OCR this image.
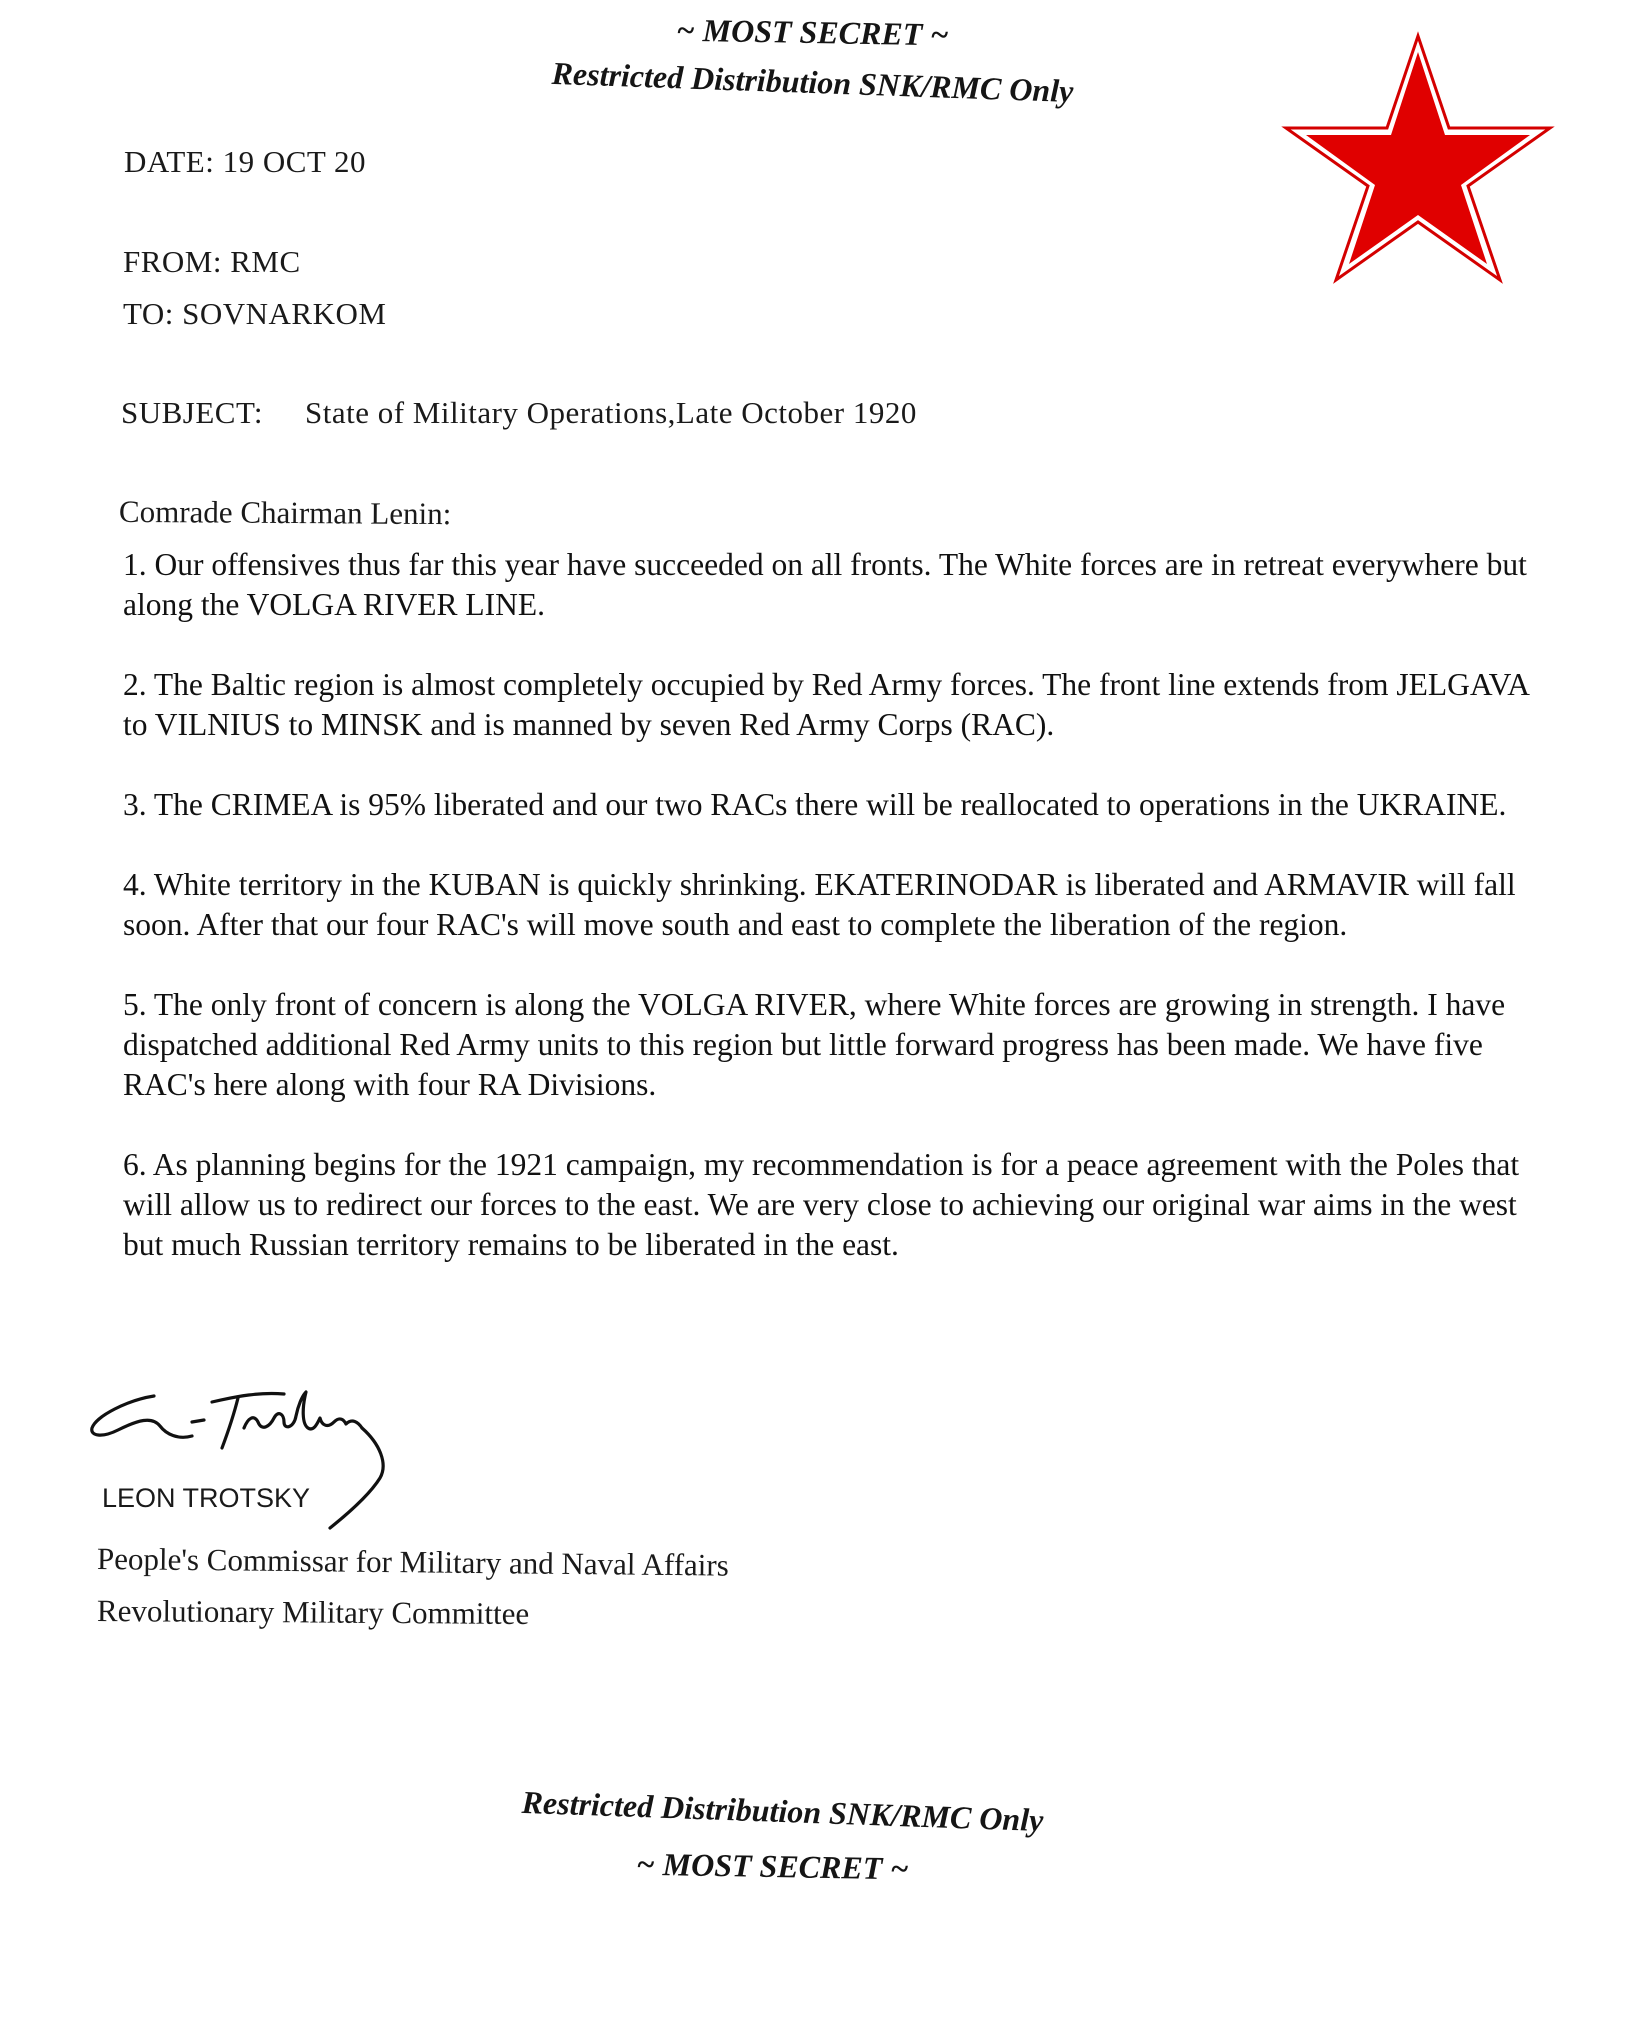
~ MOST SECRET ~
Restricted Distribution SNK/RMC Only
DATE: 19 OCT 20
FROM: RMC
TO: SOVNARKOM
SUBJECT: State of Military Operations,Late October 1920
Comrade Chairman Lenin:

1. Our offensives thus far this year have succeeded on all fronts. The White forces are in retreat everywhere but along the VOLGA RIVER LINE.

2. The Baltic region is almost completely occupied by Red Army forces. The front line extends from JELGAVA to VILNIUS to MINSK and is manned by seven Red Army Corps (RAC).

3. The CRIMEA is 95% liberated and our two RACs there will be reallocated to operations in the UKRAINE.

4. White territory in the KUBAN is quickly shrinking. EKATERINODAR is liberated and ARMAVIR will fall soon. After that our four RAC's will move south and east to complete the liberation of the region.

5. The only front of concern is along the VOLGA RIVER, where White forces are growing in strength. I have dispatched additional Red Army units to this region but little forward progress has been made. We have five RAC's here along with four RA Divisions.

6. As planning begins for the 1921 campaign, my recommendation is for a peace agreement with the Poles that will allow us to redirect our forces to the east. We are very close to achieving our original war aims in the west but much Russian territory remains to be liberated in the east.

LEON TROTSKY
People's Commissar for Military and Naval Affairs
Revolutionary Military Committee
Restricted Distribution SNK/RMC Only
~ MOST SECRET ~
